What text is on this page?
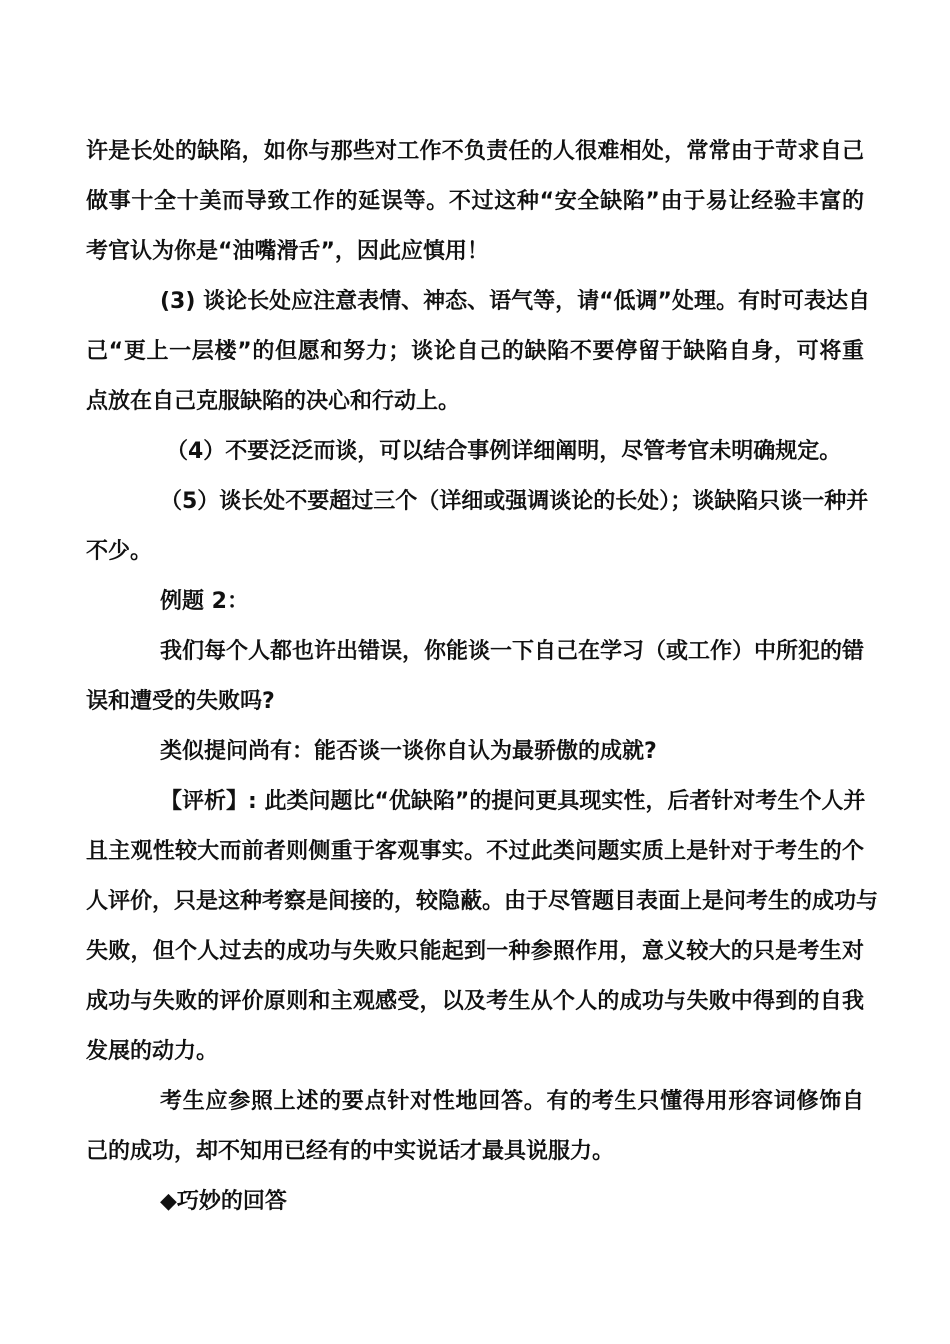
许是长处的缺陷，如你与那些对工作不负责任的人很难相处，常常由于苛求自己
做事十全十美而导致工作的延误等。不过这种“安全缺陷”由于易让经验丰富的
考官认为你是“油嘴滑舌”，因此应慎用！
(3) 谈论长处应注意表情、神态、语气等，请“低调”处理。有时可表达自
己“更上一层楼”的但愿和努力；谈论自己的缺陷不要停留于缺陷自身，可将重
点放在自己克服缺陷的决心和行动上。
（4）不要泛泛而谈，可以结合事例详细阐明，尽管考官未明确规定。
（5）谈长处不要超过三个（详细或强调谈论的长处）；谈缺陷只谈一种并
不少。
例题 2：
我们每个人都也许出错误，你能谈一下自己在学习（或工作）中所犯的错
误和遭受的失败吗?
类似提问尚有：能否谈一谈你自认为最骄傲的成就?
【评析】: 此类问题比“优缺陷”的提问更具现实性，后者针对考生个人并
且主观性较大而前者则侧重于客观事实。不过此类问题实质上是针对于考生的个
人评价，只是这种考察是间接的，较隐蔽。由于尽管题目表面上是问考生的成功与
失败，但个人过去的成功与失败只能起到一种参照作用，意义较大的只是考生对
成功与失败的评价原则和主观感受，以及考生从个人的成功与失败中得到的自我
发展的动力。
考生应参照上述的要点针对性地回答。有的考生只懂得用形容词修饰自
己的成功，却不知用已经有的中实说话才最具说服力。
◆巧妙的回答
